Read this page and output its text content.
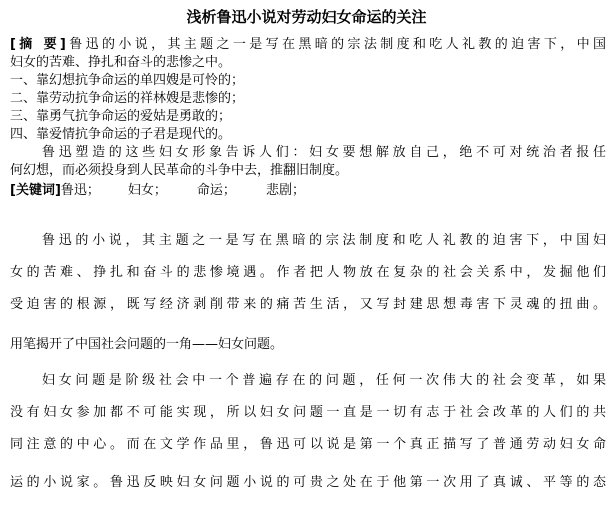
浅析鲁迅小说对劳动妇女命运的关注
[摘 要]鲁迅的小说，其主题之一是写在黑暗的宗法制度和吃人礼教的迫害下，中国
妇女的苦难、挣扎和奋斗的悲惨之中。
一、靠幻想抗争命运的单四嫂是可怜的；
二、靠劳动抗争命运的祥林嫂是悲惨的；
三、靠勇气抗争命运的爱姑是勇敢的；
四、靠爱情抗争命运的子君是现代的。
鲁迅塑造的这些妇女形象告诉人们：妇女要想解放自己，绝不可对统治者报任
何幻想，而必须投身到人民革命的斗争中去，推翻旧制度。
[关键词]鲁迅； 妇女； 命运； 悲剧；
鲁迅的小说，其主题之一是写在黑暗的宗法制度和吃人礼教的迫害下，中国妇
女的苦难、挣扎和奋斗的悲惨境遇。作者把人物放在复杂的社会关系中，发掘他们
受迫害的根源，既写经济剥削带来的痛苦生活，又写封建思想毒害下灵魂的扭曲。
用笔揭开了中国社会问题的一角——妇女问题。
妇女问题是阶级社会中一个普遍存在的问题，任何一次伟大的社会变革，如果
没有妇女参加都不可能实现，所以妇女问题一直是一切有志于社会改革的人们的共
同注意的中心。而在文学作品里，鲁迅可以说是第一个真正描写了普通劳动妇女命
运的小说家。鲁迅反映妇女问题小说的可贵之处在于他第一次用了真诚、平等的态
